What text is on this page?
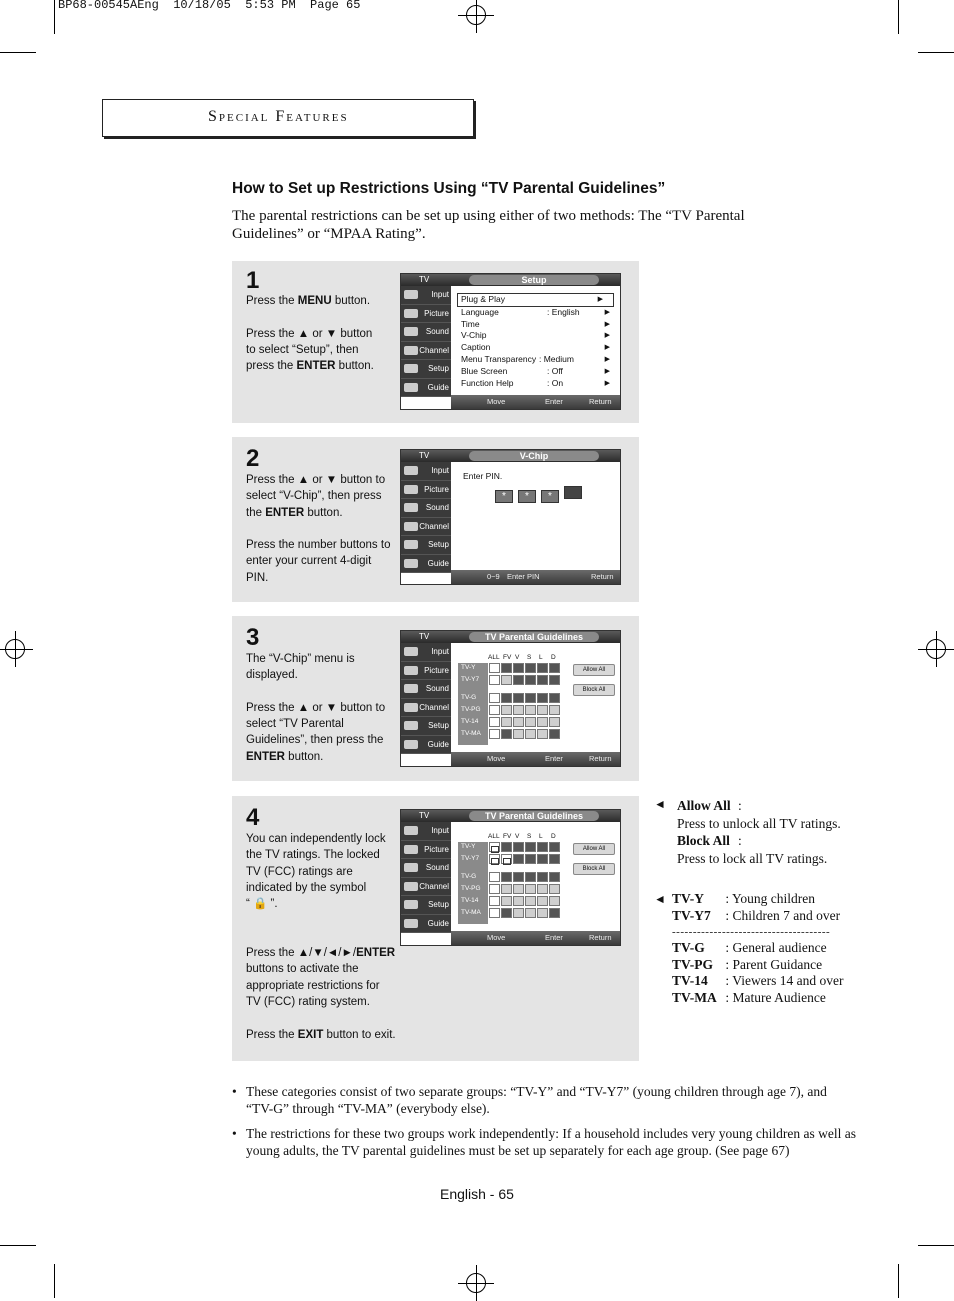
BP68-00545AEng  10/18/05  5:53 PM  Page 65
Special Features
How to Set up Restrictions Using “TV Parental Guidelines”
The parental restrictions can be set up using either of two methods: The “TV Parental Guidelines” or “MPAA Rating”.
1
Press the MENU button.

Press the ▲ or ▼ button
to select “Setup”, then
press the ENTER button.
TV	Setup
Input
Picture
Sound
Channel
Setup
Guide
Plug & Play	▶
Language	: English	▶
Time	▶
V-Chip	▶
Caption	▶
Menu Transparency : Medium	▶
Blue Screen	: Off	▶
Function Help	: On	▶
Move	Enter	Return
2
Press the ▲ or ▼ button to
select “V-Chip”, then press
the ENTER button.

Press the number buttons to
enter your current 4-digit
PIN.
TV	V-Chip
Input
Picture
Sound
Channel
Setup
Guide
Enter PIN.
* * *
0~9 Enter PIN	Return
3
The “V-Chip” menu is
displayed.

Press the ▲ or ▼ button to
select “TV Parental
Guidelines”, then press the
ENTER button.
TV	TV Parental Guidelines
Input
Picture
Sound
Channel
Setup
Guide
ALL FV V S L D
TV-Y
TV-Y7
TV-G
TV-PG
TV-14
TV-MA
Allow All
Block All
Move	Enter	Return
4
You can independently lock
the TV ratings. The locked
TV (FCC) ratings are
indicated by the symbol
“ 🔒 ”.

Press the ▲/▼/◄/►/ENTER
buttons to activate the
appropriate restrictions for
TV (FCC) rating system.

Press the EXIT button to exit.
TV	TV Parental Guidelines
Input
Picture
Sound
Channel
Setup
Guide
ALL FV V S L D
TV-Y
TV-Y7
TV-G
TV-PG
TV-14
TV-MA
Allow All
Block All
Move	Enter	Return
◄ Allow All :
Press to unlock all TV ratings.
Block All :
Press to lock all TV ratings.
◄ TV-Y : Young children
TV-Y7 : Children 7 and over
--------------------------------------
TV-G : General audience
TV-PG : Parent Guidance
TV-14 : Viewers 14 and over
TV-MA : Mature Audience
• These categories consist of two separate groups: “TV-Y” and “TV-Y7” (young children through age 7), and “TV-G” through “TV-MA” (everybody else).
• The restrictions for these two groups work independently: If a household includes very young children as well as young adults, the TV parental guidelines must be set up separately for each age group. (See page 67)
English - 65
